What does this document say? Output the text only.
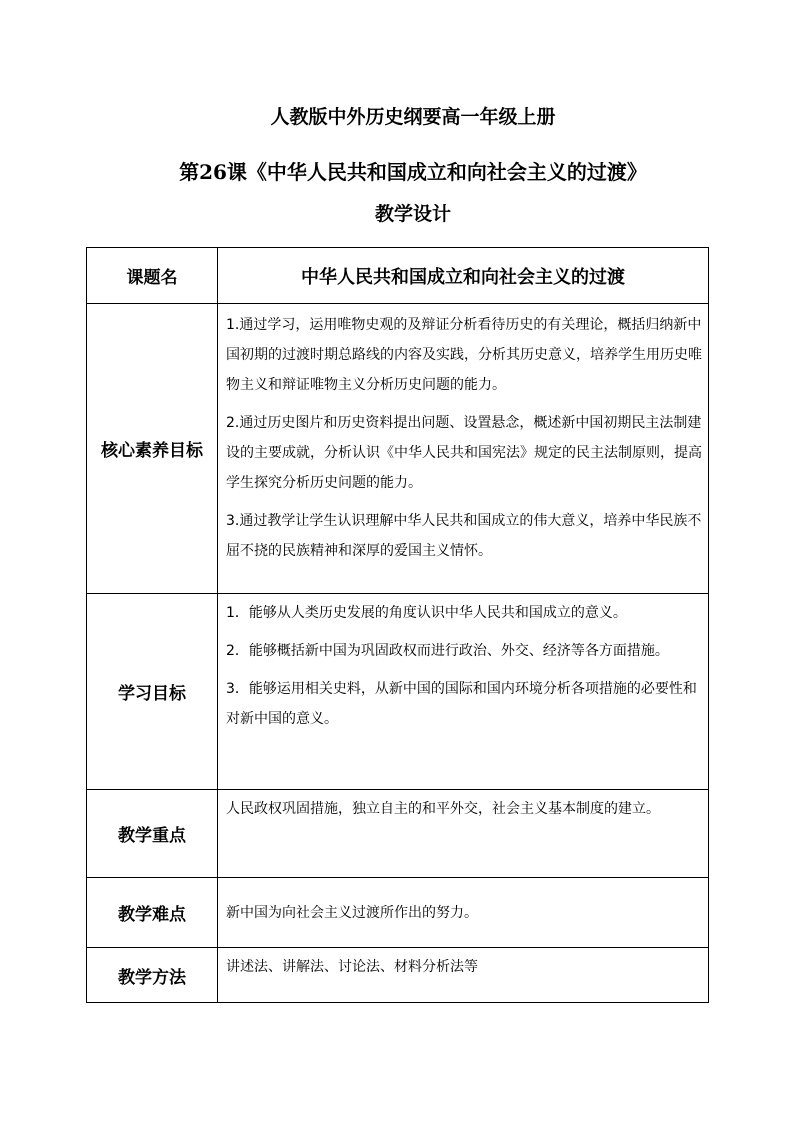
人教版中外历史纲要高一年级上册
第26课《中华人民共和国成立和向社会主义的过渡》
教学设计
课题名	中华人民共和国成立和向社会主义的过渡
核心素养目标	1.通过学习，运用唯物史观的及辩证分析看待历史的有关理论，概括归纳新中国初期的过渡时期总路线的内容及实践，分析其历史意义，培养学生用历史唯物主义和辩证唯物主义分析历史问题的能力。

2.通过历史图片和历史资料提出问题、设置悬念，概述新中国初期民主法制建设的主要成就，分析认识《中华人民共和国宪法》规定的民主法制原则，提高学生探究分析历史问题的能力。

3.通过教学让学生认识理解中华人民共和国成立的伟大意义，培养中华民族不屈不挠的民族精神和深厚的爱国主义情怀。

学习目标	1．能够从人类历史发展的角度认识中华人民共和国成立的意义。

2．能够概括新中国为巩固政权而进行政治、外交、经济等各方面措施。

3．能够运用相关史料，从新中国的国际和国内环境分析各项措施的必要性和对新中国的意义。

教学重点	人民政权巩固措施，独立自主的和平外交，社会主义基本制度的建立。
教学难点	新中国为向社会主义过渡所作出的努力。
教学方法	讲述法、讲解法、讨论法、材料分析法等
